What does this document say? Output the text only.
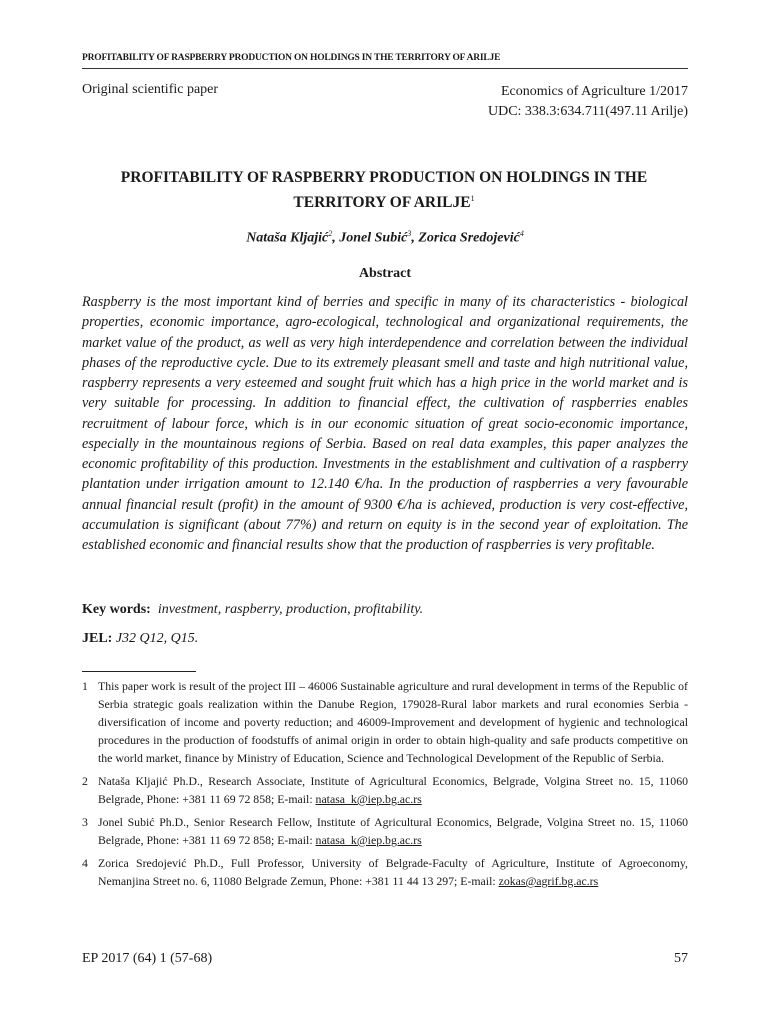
PROFITABILITY OF RASPBERRY PRODUCTION ON HOLDINGS IN THE TERRITORY OF ARILJE
Original scientific paper	Economics of Agriculture 1/2017
UDC: 338.3:634.711(497.11 Arilje)
PROFITABILITY OF RASPBERRY PRODUCTION ON HOLDINGS IN THE TERRITORY OF ARILJE$^1$
Nataša Kljajić$^2$, Jonel Subić$^3$, Zorica Sredojević$^4$
Abstract
Raspberry is the most important kind of berries and specific in many of its characteristics - biological properties, economic importance, agro-ecological, technological and organizational requirements, the market value of the product, as well as very high interdependence and correlation between the individual phases of the reproductive cycle. Due to its extremely pleasant smell and taste and high nutritional value, raspberry represents a very esteemed and sought fruit which has a high price in the world market and is very suitable for processing. In addition to financial effect, the cultivation of raspberries enables recruitment of labour force, which is in our economic situation of great socio-economic importance, especially in the mountainous regions of Serbia. Based on real data examples, this paper analyzes the economic profitability of this production. Investments in the establishment and cultivation of a raspberry plantation under irrigation amount to 12.140 €/ha. In the production of raspberries a very favourable annual financial result (profit) in the amount of 9300 €/ha is achieved, production is very cost-effective, accumulation is significant (about 77%) and return on equity is in the second year of exploitation. The established economic and financial results show that the production of raspberries is very profitable.
Key words: investment, raspberry, production, profitability.
JEL: J32 Q12, Q15.
1 This paper work is result of the project III – 46006 Sustainable agriculture and rural development in terms of the Republic of Serbia strategic goals realization within the Danube Region, 179028-Rural labor markets and rural economies Serbia - diversification of income and poverty reduction; and 46009-Improvement and development of hygienic and technological procedures in the production of foodstuffs of animal origin in order to obtain high-quality and safe products competitive on the world market, finance by Ministry of Education, Science and Technological Development of the Republic of Serbia.
2 Nataša Kljajić Ph.D., Research Associate, Institute of Agricultural Economics, Belgrade, Volgina Street no. 15, 11060 Belgrade, Phone: +381 11 69 72 858; E-mail: natasa_k@iep.bg.ac.rs
3 Jonel Subić Ph.D., Senior Research Fellow, Institute of Agricultural Economics, Belgrade, Volgina Street no. 15, 11060 Belgrade, Phone: +381 11 69 72 858; E-mail: natasa_k@iep.bg.ac.rs
4 Zorica Sredojević Ph.D., Full Professor, University of Belgrade-Faculty of Agriculture, Institute of Agroeconomy, Nemanjina Street no. 6, 11080 Belgrade Zemun, Phone: +381 11 44 13 297; E-mail: zokas@agrif.bg.ac.rs
EP 2017 (64) 1 (57-68)	57
